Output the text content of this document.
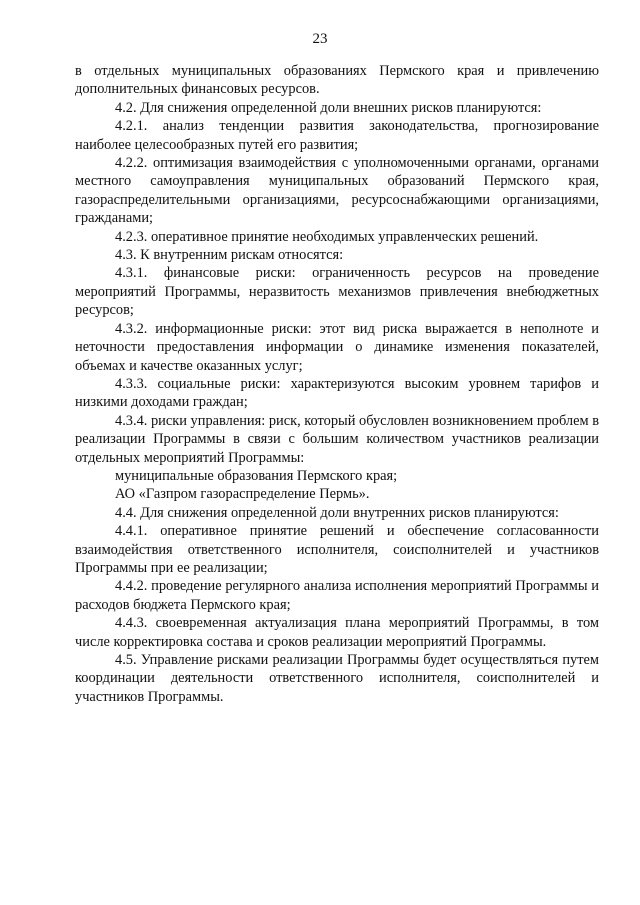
23

в отдельных муниципальных образованиях Пермского края и привлечению дополнительных финансовых ресурсов.

4.2. Для снижения определенной доли внешних рисков планируются:

4.2.1. анализ тенденции развития законодательства, прогнозирование наиболее целесообразных путей его развития;

4.2.2. оптимизация взаимодействия с уполномоченными органами, органами местного самоуправления муниципальных образований Пермского края, газораспределительными организациями, ресурсоснабжающими организациями, гражданами;

4.2.3. оперативное принятие необходимых управленческих решений.

4.3. К внутренним рискам относятся:

4.3.1. финансовые риски: ограниченность ресурсов на проведение мероприятий Программы, неразвитость механизмов привлечения внебюджетных ресурсов;

4.3.2. информационные риски: этот вид риска выражается в неполноте и неточности предоставления информации о динамике изменения показателей, объемах и качестве оказанных услуг;

4.3.3. социальные риски: характеризуются высоким уровнем тарифов и низкими доходами граждан;

4.3.4. риски управления: риск, который обусловлен возникновением проблем в реализации Программы в связи с большим количеством участников реализации отдельных мероприятий Программы:

муниципальные образования Пермского края;

АО «Газпром газораспределение Пермь».

4.4. Для снижения определенной доли внутренних рисков планируются:

4.4.1. оперативное принятие решений и обеспечение согласованности взаимодействия ответственного исполнителя, соисполнителей и участников Программы при ее реализации;

4.4.2. проведение регулярного анализа исполнения мероприятий Программы и расходов бюджета Пермского края;

4.4.3. своевременная актуализация плана мероприятий Программы, в том числе корректировка состава и сроков реализации мероприятий Программы.

4.5. Управление рисками реализации Программы будет осуществляться путем координации деятельности ответственного исполнителя, соисполнителей и участников Программы.
